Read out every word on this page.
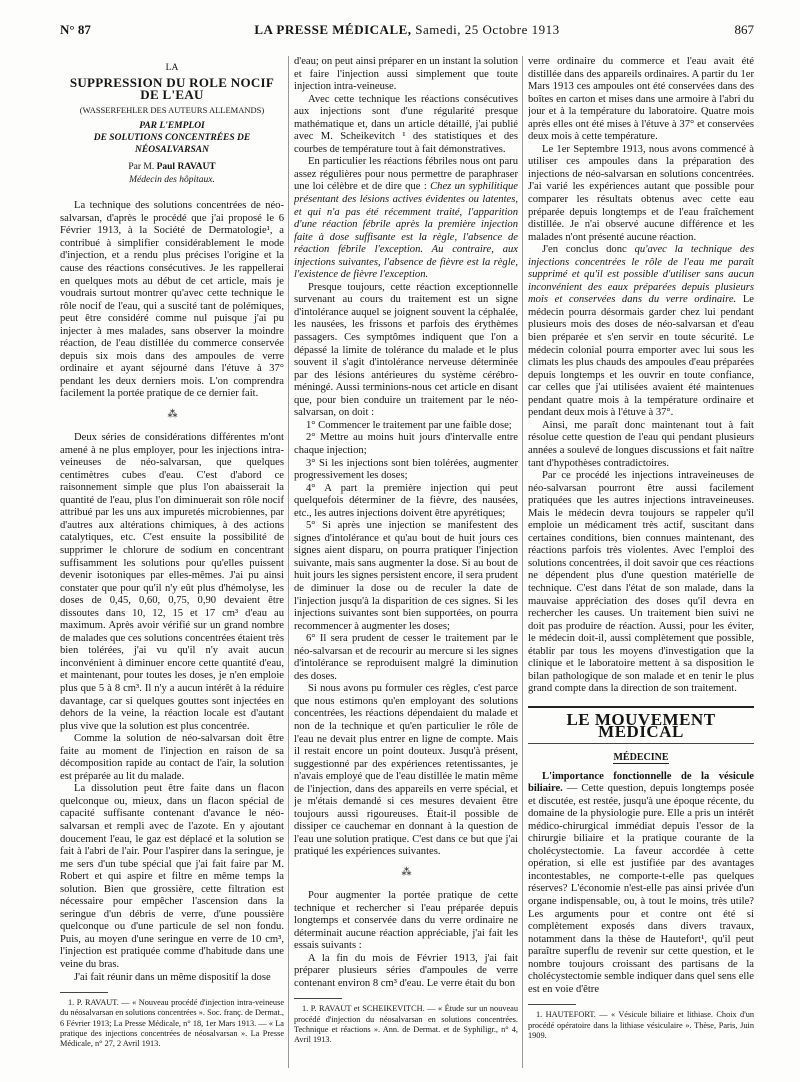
N° 87	LA PRESSE MÉDICALE, Samedi, 25 Octobre 1913	867
LA
SUPPRESSION DU ROLE NOCIF DE L'EAU
(WASSERFEHLER DES AUTEURS ALLEMANDS)
PAR L'EMPLOI
DE SOLUTIONS CONCENTRÉES DE NÉOSALVARSAN
Par M. Paul RAVAUT
Médecin des hôpitaux.

La technique des solutions concentrées de néo-salvarsan, d'après le procédé que j'ai proposé le 6 Février 1913, à la Société de Dermatologie¹, a contribué à simplifier considérablement le mode d'injection, et a rendu plus précises l'origine et la cause des réactions consécutives. Je les rappellerai en quelques mots au début de cet article, mais je voudrais surtout montrer qu'avec cette technique le rôle nocif de l'eau, qui a suscité tant de polémiques, peut être considéré comme nul puisque j'ai pu injecter à mes malades, sans observer la moindre réaction, de l'eau distillée du commerce conservée depuis six mois dans des ampoules de verre ordinaire et ayant séjourné dans l'étuve à 37° pendant les deux derniers mois. L'on comprendra facilement la portée pratique de ce dernier fait.

⁂

Deux séries de considérations différentes m'ont amené à ne plus employer, pour les injections intra-veineuses de néo-salvarsan, que quelques centimètres cubes d'eau. C'est d'abord ce raisonnement simple que plus l'on abaisserait la quantité de l'eau, plus l'on diminuerait son rôle nocif attribué par les uns aux impuretés microbiennes, par d'autres aux altérations chimiques, à des actions catalytiques, etc. C'est ensuite la possibilité de supprimer le chlorure de sodium en concentrant suffisamment les solutions pour qu'elles puissent devenir isotoniques par elles-mêmes. J'ai pu ainsi constater que pour qu'il n'y eût plus d'hémolyse, les doses de 0,45, 0,60, 0,75, 0,90 devaient être dissoutes dans 10, 12, 15 et 17 cm³ d'eau au maximum. Après avoir vérifié sur un grand nombre de malades que ces solutions concentrées étaient très bien tolérées, j'ai vu qu'il n'y avait aucun inconvénient à diminuer encore cette quantité d'eau, et maintenant, pour toutes les doses, je n'en emploie plus que 5 à 8 cm³. Il n'y a aucun intérêt à la réduire davantage, car si quelques gouttes sont injectées en dehors de la veine, la réaction locale est d'autant plus vive que la solution est plus concentrée.

Comme la solution de néo-salvarsan doit être faite au moment de l'injection en raison de sa décomposition rapide au contact de l'air, la solution est préparée au lit du malade.

La dissolution peut être faite dans un flacon quelconque ou, mieux, dans un flacon spécial de capacité suffisante contenant d'avance le néo-salvarsan et rempli avec de l'azote. En y ajoutant doucement l'eau, le gaz est déplacé et la solution se fait à l'abri de l'air. Pour l'aspirer dans la seringue, je me sers d'un tube spécial que j'ai fait faire par M. Robert et qui aspire et filtre en même temps la solution. Bien que grossière, cette filtration est nécessaire pour empêcher l'ascension dans la seringue d'un débris de verre, d'une poussière quelconque ou d'une particule de sel non fondu. Puis, au moyen d'une seringue en verre de 10 cm³, l'injection est pratiquée comme d'habitude dans une veine du bras.

J'ai fait réunir dans un même dispositif la dose

1. P. RAVAUT. — « Nouveau procédé d'injection intra-veineuse du néosalvarsan en solutions concentrées ». Soc. franç. de Dermat., 6 Février 1913; La Presse Médicale, n° 18, 1er Mars 1913. — « La pratique des injections concentrées de néosalvarsan ». La Presse Médicale, n° 27, 2 Avril 1913.

d'eau; on peut ainsi préparer en un instant la solution et faire l'injection aussi simplement que toute injection intra-veineuse.

Avec cette technique les réactions consécutives aux injections sont d'une régularité presque mathématique et, dans un article détaillé, j'ai publié avec M. Scheikevitch ¹ des statistiques et des courbes de température tout à fait démonstratives.

En particulier les réactions fébriles nous ont paru assez régulières pour nous permettre de paraphraser une loi célèbre et de dire que : Chez un syphilitique présentant des lésions actives évidentes ou latentes, et qui n'a pas été récemment traité, l'apparition d'une réaction fébrile après la première injection faite à dose suffisante est la règle, l'absence de réaction fébrile l'exception. Au contraire, aux injections suivantes, l'absence de fièvre est la règle, l'existence de fièvre l'exception.

Presque toujours, cette réaction exceptionnelle survenant au cours du traitement est un signe d'intolérance auquel se joignent souvent la céphalée, les nausées, les frissons et parfois des érythèmes passagers. Ces symptômes indiquent que l'on a dépassé la limite de tolérance du malade et le plus souvent il s'agit d'intolérance nerveuse déterminée par des lésions antérieures du système cérébro-méningé. Aussi terminions-nous cet article en disant que, pour bien conduire un traitement par le néo-salvarsan, on doit :

1° Commencer le traitement par une faible dose;

2° Mettre au moins huit jours d'intervalle entre chaque injection;

3° Si les injections sont bien tolérées, augmenter progressivement les doses;

4° A part la première injection qui peut quelquefois déterminer de la fièvre, des nausées, etc., les autres injections doivent être apyrétiques;

5° Si après une injection se manifestent des signes d'intolérance et qu'au bout de huit jours ces signes aient disparu, on pourra pratiquer l'injection suivante, mais sans augmenter la dose. Si au bout de huit jours les signes persistent encore, il sera prudent de diminuer la dose ou de reculer la date de l'injection jusqu'à la disparition de ces signes. Si les injections suivantes sont bien supportées, on pourra recommencer à augmenter les doses;

6° Il sera prudent de cesser le traitement par le néo-salvarsan et de recourir au mercure si les signes d'intolérance se reproduisent malgré la diminution des doses.

Si nous avons pu formuler ces règles, c'est parce que nous estimons qu'en employant des solutions concentrées, les réactions dépendaient du malade et non de la technique et qu'en particulier le rôle de l'eau ne devait plus entrer en ligne de compte. Mais il restait encore un point douteux. Jusqu'à présent, suggestionné par des expériences retentissantes, je n'avais employé que de l'eau distillée le matin même de l'injection, dans des appareils en verre spécial, et je m'étais demandé si ces mesures devaient être toujours aussi rigoureuses. Était-il possible de dissiper ce cauchemar en donnant à la question de l'eau une solution pratique. C'est dans ce but que j'ai pratiqué les expériences suivantes.

⁂

Pour augmenter la portée pratique de cette technique et rechercher si l'eau préparée depuis longtemps et conservée dans du verre ordinaire ne déterminait aucune réaction appréciable, j'ai fait les essais suivants :

A la fin du mois de Février 1913, j'ai fait préparer plusieurs séries d'ampoules de verre contenant environ 8 cm³ d'eau. Le verre était du bon

1. P. RAVAUT et SCHEIKEVITCH. — « Étude sur un nouveau procédé d'injection du néosalvarsan en solutions concentrées. Technique et réactions ». Ann. de Dermat. et de Syphiligr., n° 4, Avril 1913.

verre ordinaire du commerce et l'eau avait été distillée dans des appareils ordinaires. A partir du 1er Mars 1913 ces ampoules ont été conservées dans des boîtes en carton et mises dans une armoire à l'abri du jour et à la température du laboratoire. Quatre mois après elles ont été mises à l'étuve à 37° et conservées deux mois à cette température.

Le 1er Septembre 1913, nous avons commencé à utiliser ces ampoules dans la préparation des injections de néo-salvarsan en solutions concentrées. J'ai varié les expériences autant que possible pour comparer les résultats obtenus avec cette eau préparée depuis longtemps et de l'eau fraîchement distillée. Je n'ai observé aucune différence et les malades n'ont présenté aucune réaction.

J'en conclus donc qu'avec la technique des injections concentrées le rôle de l'eau me paraît supprimé et qu'il est possible d'utiliser sans aucun inconvénient des eaux préparées depuis plusieurs mois et conservées dans du verre ordinaire. Le médecin pourra désormais garder chez lui pendant plusieurs mois des doses de néo-salvarsan et d'eau bien préparée et s'en servir en toute sécurité. Le médecin colonial pourra emporter avec lui sous les climats les plus chauds des ampoules d'eau préparées depuis longtemps et les ouvrir en toute confiance, car celles que j'ai utilisées avaient été maintenues pendant quatre mois à la température ordinaire et pendant deux mois à l'étuve à 37°.

Ainsi, me paraît donc maintenant tout à fait résolue cette question de l'eau qui pendant plusieurs années a soulevé de longues discussions et fait naître tant d'hypothèses contradictoires.

Par ce procédé les injections intraveineuses de néo-salvarsan pourront être aussi facilement pratiquées que les autres injections intraveineuses. Mais le médecin devra toujours se rappeler qu'il emploie un médicament très actif, suscitant dans certaines conditions, bien connues maintenant, des réactions parfois très violentes. Avec l'emploi des solutions concentrées, il doit savoir que ces réactions ne dépendent plus d'une question matérielle de technique. C'est dans l'état de son malade, dans la mauvaise appréciation des doses qu'il devra en rechercher les causes. Un traitement bien suivi ne doit pas produire de réaction. Aussi, pour les éviter, le médecin doit-il, aussi complètement que possible, établir par tous les moyens d'investigation que la clinique et le laboratoire mettent à sa disposition le bilan pathologique de son malade et en tenir le plus grand compte dans la direction de son traitement.

LE MOUVEMENT MÉDICAL
MÉDECINE

L'importance fonctionnelle de la vésicule biliaire. — Cette question, depuis longtemps posée et discutée, est restée, jusqu'à une époque récente, du domaine de la physiologie pure. Elle a pris un intérêt médico-chirurgical immédiat depuis l'essor de la chirurgie biliaire et la pratique courante de la cholécystectomie. La faveur accordée à cette opération, si elle est justifiée par des avantages incontestables, ne comporte-t-elle pas quelques réserves? L'économie n'est-elle pas ainsi privée d'un organe indispensable, ou, à tout le moins, très utile? Les arguments pour et contre ont été si complètement exposés dans divers travaux, notamment dans la thèse de Hautefort¹, qu'il peut paraître superflu de revenir sur cette question, et le nombre toujours croissant des partisans de la cholécystectomie semble indiquer dans quel sens elle est en voie d'être

1. HAUTEFORT. — « Vésicule biliaire et lithiase. Choix d'un procédé opératoire dans la lithiase vésiculaire ». Thèse, Paris, Juin 1909.
